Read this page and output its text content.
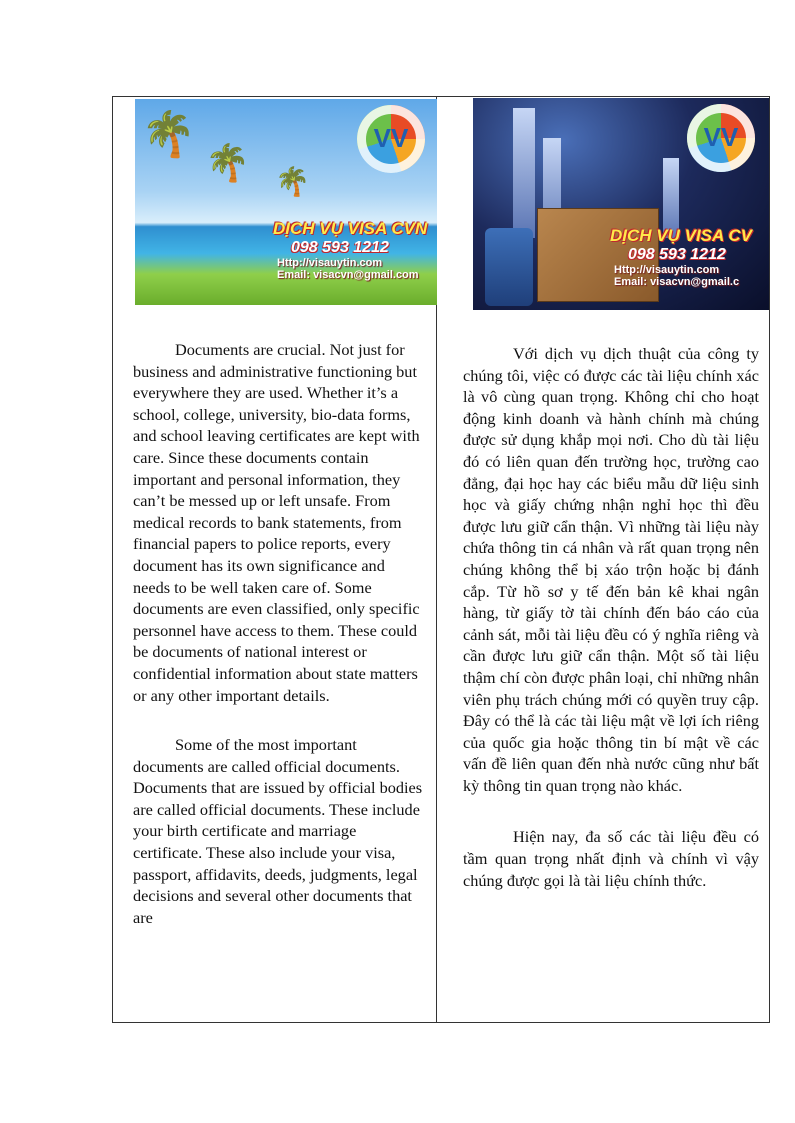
🌴
🌴 🌴
VV
DỊCH VỤ VISA CVN
098 593 1212
Http://visauytin.com
Email: visacvn@gmail.com
VV
DỊCH VỤ VISA CV
098 593 1212
Http://visauytin.com
Email: visacvn@gmail.c

Documents are crucial. Not just for business and administrative functioning but everywhere they are used. Whether it’s a school, college, university, bio-data forms, and school leaving certificates are kept with care. Since these documents contain important and personal information, they can’t be messed up or left unsafe. From medical records to bank statements, from financial papers to police reports, every document has its own significance and needs to be well taken care of. Some documents are even classified, only specific personnel have access to them. These could be documents of national interest or confidential information about state matters or any other important details.

Some of the most important documents are called official documents.

Documents that are issued by official bodies are called official documents. These include your birth certificate and marriage certificate. These also include your visa, passport, affidavits, deeds, judgments, legal decisions and several other documents that are

Với dịch vụ dịch thuật của công ty chúng tôi, việc có được các tài liệu chính xác là vô cùng quan trọng. Không chỉ cho hoạt động kinh doanh và hành chính mà chúng được sử dụng khắp mọi nơi. Cho dù tài liệu đó có liên quan đến trường học, trường cao đẳng, đại học hay các biểu mẫu dữ liệu sinh học và giấy chứng nhận nghỉ học thì đều được lưu giữ cẩn thận. Vì những tài liệu này chứa thông tin cá nhân và rất quan trọng nên chúng không thể bị xáo trộn hoặc bị đánh cắp. Từ hồ sơ y tế đến bản kê khai ngân hàng, từ giấy tờ tài chính đến báo cáo của cảnh sát, mỗi tài liệu đều có ý nghĩa riêng và cần được lưu giữ cẩn thận. Một số tài liệu thậm chí còn được phân loại, chỉ những nhân viên phụ trách chúng mới có quyền truy cập. Đây có thể là các tài liệu mật về lợi ích riêng của quốc gia hoặc thông tin bí mật về các vấn đề liên quan đến nhà nước cũng như bất kỳ thông tin quan trọng nào khác.

Hiện nay, đa số các tài liệu đều có tầm quan trọng nhất định và chính vì vậy chúng được gọi là tài liệu chính thức.
